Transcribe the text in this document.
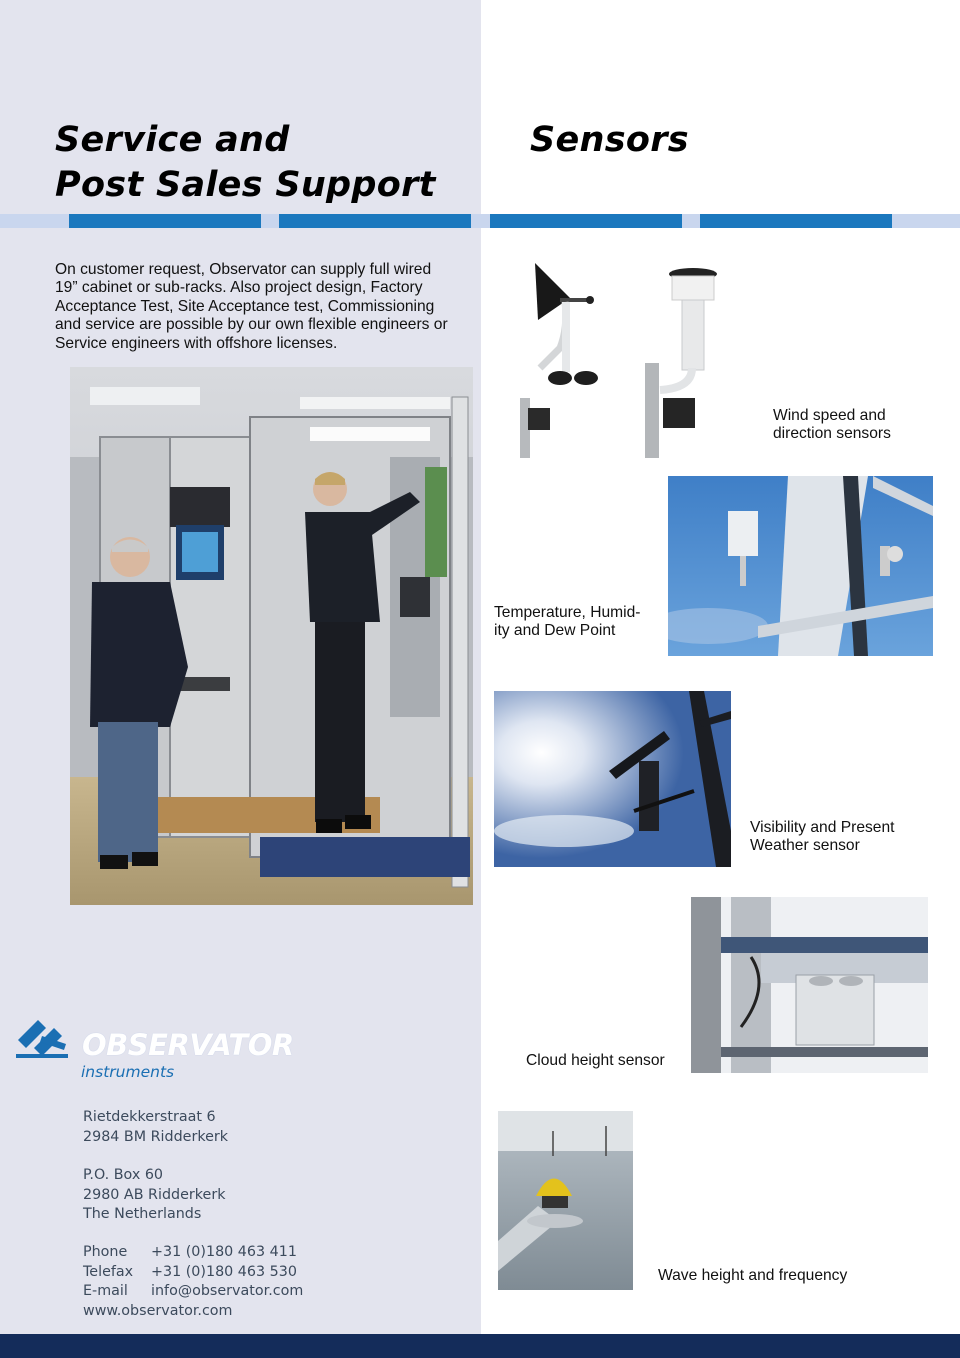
Service and
Post Sales Support
Sensors

On customer request, Observator can supply full wired
19” cabinet or sub-racks. Also project design, Factory
Acceptance Test, Site Acceptance test, Commissioning
and service are possible by our own flexible engineers or
Service engineers with offshore licenses.

Wind speed and
direction sensors

Temperature, Humid-
ity and Dew Point

Visibility and Present
Weather sensor

Cloud height sensor

Wave height and frequency

OBSERVATOR
instruments

Rietdekkerstraat 6
2984 BM Ridderkerk

P.O. Box 60
2980 AB Ridderkerk
The Netherlands

Phone +31 (0)180 463 411
Telefax +31 (0)180 463 530
E-mail info@observator.com
www.observator.com
